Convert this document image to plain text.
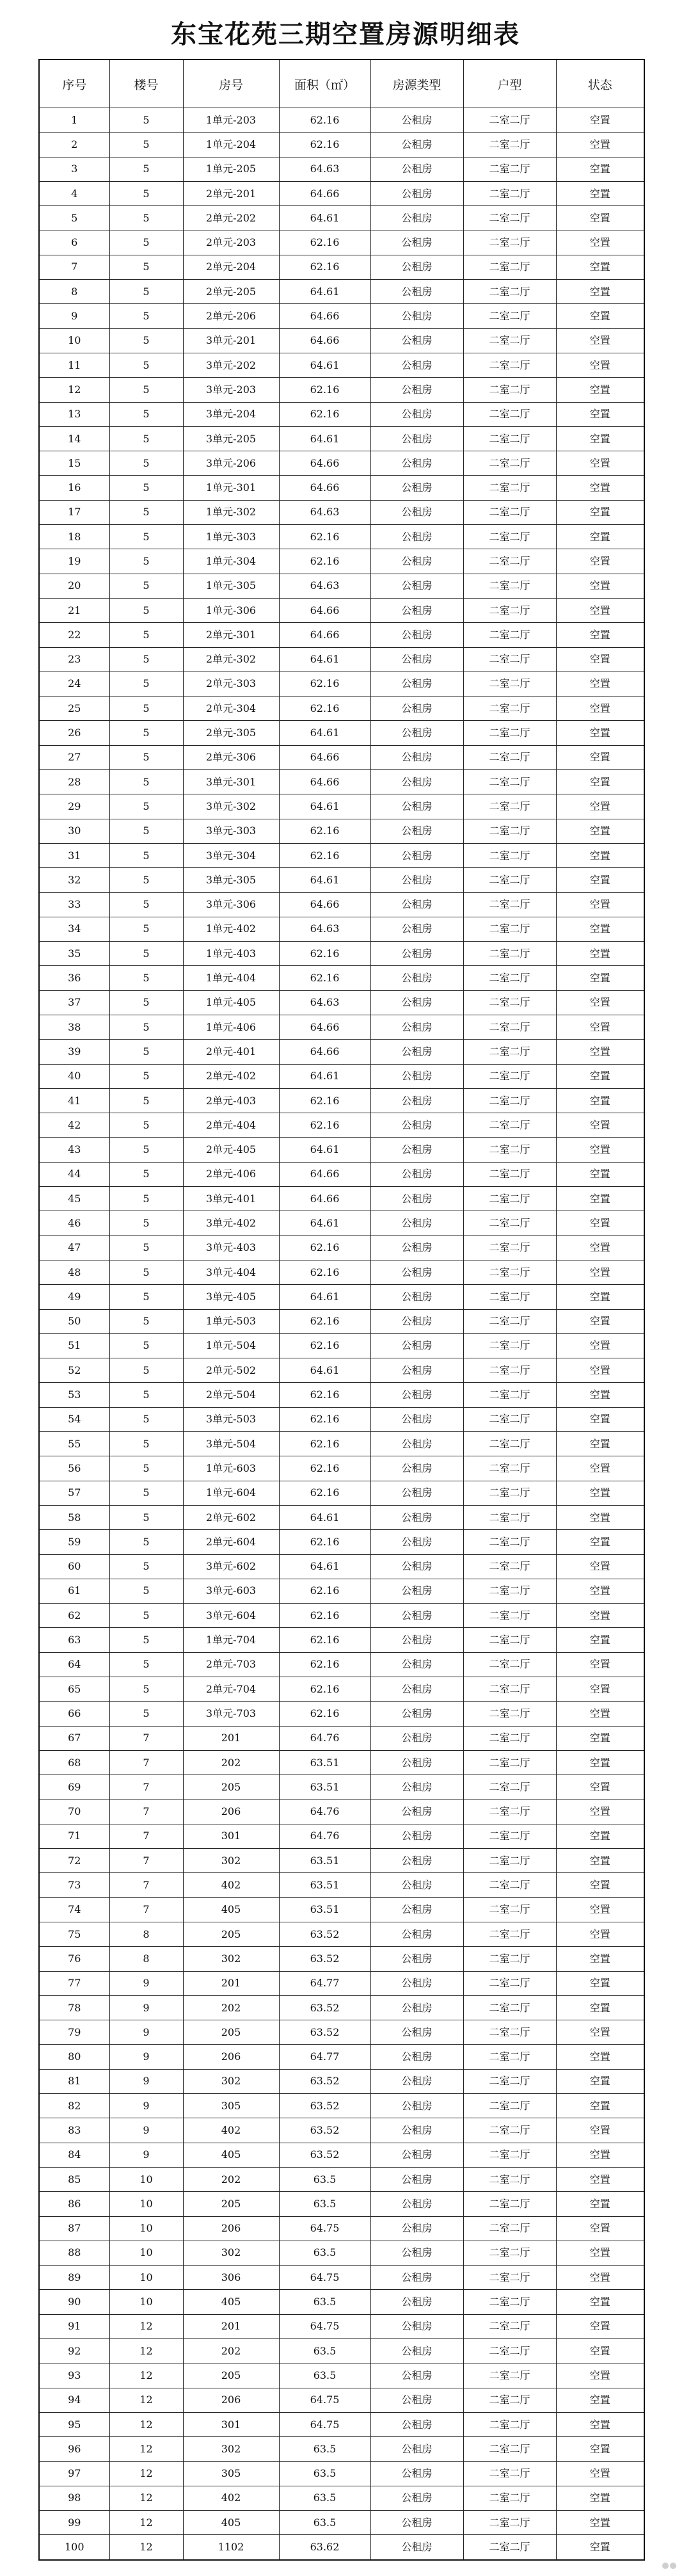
东宝花苑三期空置房源明细表
序号	楼号	房号	面积（㎡）	房源类型	户型	状态
1	5	1单元-203	62.16	公租房	二室二厅	空置
2	5	1单元-204	62.16	公租房	二室二厅	空置
3	5	1单元-205	64.63	公租房	二室二厅	空置
4	5	2单元-201	64.66	公租房	二室二厅	空置
5	5	2单元-202	64.61	公租房	二室二厅	空置
6	5	2单元-203	62.16	公租房	二室二厅	空置
7	5	2单元-204	62.16	公租房	二室二厅	空置
8	5	2单元-205	64.61	公租房	二室二厅	空置
9	5	2单元-206	64.66	公租房	二室二厅	空置
10	5	3单元-201	64.66	公租房	二室二厅	空置
11	5	3单元-202	64.61	公租房	二室二厅	空置
12	5	3单元-203	62.16	公租房	二室二厅	空置
13	5	3单元-204	62.16	公租房	二室二厅	空置
14	5	3单元-205	64.61	公租房	二室二厅	空置
15	5	3单元-206	64.66	公租房	二室二厅	空置
16	5	1单元-301	64.66	公租房	二室二厅	空置
17	5	1单元-302	64.63	公租房	二室二厅	空置
18	5	1单元-303	62.16	公租房	二室二厅	空置
19	5	1单元-304	62.16	公租房	二室二厅	空置
20	5	1单元-305	64.63	公租房	二室二厅	空置
21	5	1单元-306	64.66	公租房	二室二厅	空置
22	5	2单元-301	64.66	公租房	二室二厅	空置
23	5	2单元-302	64.61	公租房	二室二厅	空置
24	5	2单元-303	62.16	公租房	二室二厅	空置
25	5	2单元-304	62.16	公租房	二室二厅	空置
26	5	2单元-305	64.61	公租房	二室二厅	空置
27	5	2单元-306	64.66	公租房	二室二厅	空置
28	5	3单元-301	64.66	公租房	二室二厅	空置
29	5	3单元-302	64.61	公租房	二室二厅	空置
30	5	3单元-303	62.16	公租房	二室二厅	空置
31	5	3单元-304	62.16	公租房	二室二厅	空置
32	5	3单元-305	64.61	公租房	二室二厅	空置
33	5	3单元-306	64.66	公租房	二室二厅	空置
34	5	1单元-402	64.63	公租房	二室二厅	空置
35	5	1单元-403	62.16	公租房	二室二厅	空置
36	5	1单元-404	62.16	公租房	二室二厅	空置
37	5	1单元-405	64.63	公租房	二室二厅	空置
38	5	1单元-406	64.66	公租房	二室二厅	空置
39	5	2单元-401	64.66	公租房	二室二厅	空置
40	5	2单元-402	64.61	公租房	二室二厅	空置
41	5	2单元-403	62.16	公租房	二室二厅	空置
42	5	2单元-404	62.16	公租房	二室二厅	空置
43	5	2单元-405	64.61	公租房	二室二厅	空置
44	5	2单元-406	64.66	公租房	二室二厅	空置
45	5	3单元-401	64.66	公租房	二室二厅	空置
46	5	3单元-402	64.61	公租房	二室二厅	空置
47	5	3单元-403	62.16	公租房	二室二厅	空置
48	5	3单元-404	62.16	公租房	二室二厅	空置
49	5	3单元-405	64.61	公租房	二室二厅	空置
50	5	1单元-503	62.16	公租房	二室二厅	空置
51	5	1单元-504	62.16	公租房	二室二厅	空置
52	5	2单元-502	64.61	公租房	二室二厅	空置
53	5	2单元-504	62.16	公租房	二室二厅	空置
54	5	3单元-503	62.16	公租房	二室二厅	空置
55	5	3单元-504	62.16	公租房	二室二厅	空置
56	5	1单元-603	62.16	公租房	二室二厅	空置
57	5	1单元-604	62.16	公租房	二室二厅	空置
58	5	2单元-602	64.61	公租房	二室二厅	空置
59	5	2单元-604	62.16	公租房	二室二厅	空置
60	5	3单元-602	64.61	公租房	二室二厅	空置
61	5	3单元-603	62.16	公租房	二室二厅	空置
62	5	3单元-604	62.16	公租房	二室二厅	空置
63	5	1单元-704	62.16	公租房	二室二厅	空置
64	5	2单元-703	62.16	公租房	二室二厅	空置
65	5	2单元-704	62.16	公租房	二室二厅	空置
66	5	3单元-703	62.16	公租房	二室二厅	空置
67	7	201	64.76	公租房	二室二厅	空置
68	7	202	63.51	公租房	二室二厅	空置
69	7	205	63.51	公租房	二室二厅	空置
70	7	206	64.76	公租房	二室二厅	空置
71	7	301	64.76	公租房	二室二厅	空置
72	7	302	63.51	公租房	二室二厅	空置
73	7	402	63.51	公租房	二室二厅	空置
74	7	405	63.51	公租房	二室二厅	空置
75	8	205	63.52	公租房	二室二厅	空置
76	8	302	63.52	公租房	二室二厅	空置
77	9	201	64.77	公租房	二室二厅	空置
78	9	202	63.52	公租房	二室二厅	空置
79	9	205	63.52	公租房	二室二厅	空置
80	9	206	64.77	公租房	二室二厅	空置
81	9	302	63.52	公租房	二室二厅	空置
82	9	305	63.52	公租房	二室二厅	空置
83	9	402	63.52	公租房	二室二厅	空置
84	9	405	63.52	公租房	二室二厅	空置
85	10	202	63.5	公租房	二室二厅	空置
86	10	205	63.5	公租房	二室二厅	空置
87	10	206	64.75	公租房	二室二厅	空置
88	10	302	63.5	公租房	二室二厅	空置
89	10	306	64.75	公租房	二室二厅	空置
90	10	405	63.5	公租房	二室二厅	空置
91	12	201	64.75	公租房	二室二厅	空置
92	12	202	63.5	公租房	二室二厅	空置
93	12	205	63.5	公租房	二室二厅	空置
94	12	206	64.75	公租房	二室二厅	空置
95	12	301	64.75	公租房	二室二厅	空置
96	12	302	63.5	公租房	二室二厅	空置
97	12	305	63.5	公租房	二室二厅	空置
98	12	402	63.5	公租房	二室二厅	空置
99	12	405	63.5	公租房	二室二厅	空置
100	12	1102	63.62	公租房	二室二厅	空置
